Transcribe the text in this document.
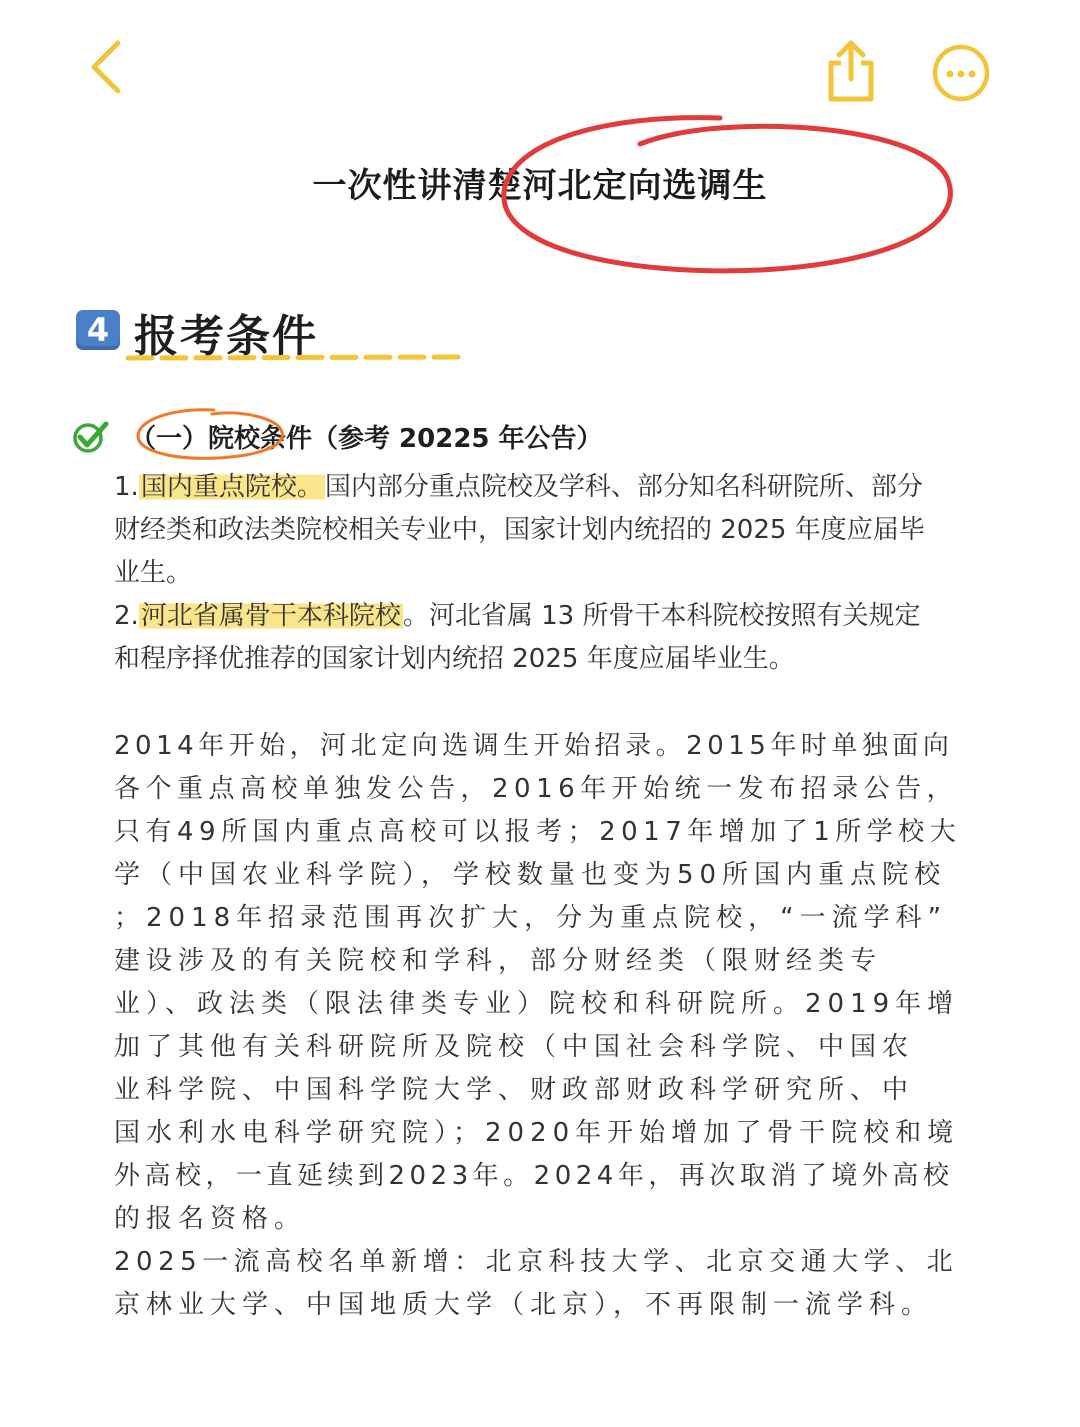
一次性讲清楚河北定向选调生
4 报考条件
（一）院校条件（参考 20225 年公告）
1.国内重点院校。国内部分重点院校及学科、部分知名科研院所、部分
财经类和政法类院校相关专业中，国家计划内统招的 2025 年度应届毕
业生。
2.河北省属骨干本科院校。河北省属 13 所骨干本科院校按照有关规定
和程序择优推荐的国家计划内统招 2025 年度应届毕业生。
2014年开始，河北定向选调生开始招录。2015年时单独面向
各个重点高校单独发公告，2016年开始统一发布招录公告，
只有49所国内重点高校可以报考；2017年增加了1所学校大
学（中国农业科学院），学校数量也变为50所国内重点院校
；2018年招录范围再次扩大，分为重点院校，“一流学科”
建设涉及的有关院校和学科，部分财经类（限财经类专
业）、政法类（限法律类专业）院校和科研院所。2019年增
加了其他有关科研院所及院校（中国社会科学院、中国农
业科学院、中国科学院大学、财政部财政科学研究所、中
国水利水电科学研究院）；2020年开始增加了骨干院校和境
外高校，一直延续到2023年。2024年，再次取消了境外高校
的报名资格。
2025一流高校名单新增：北京科技大学、北京交通大学、北
京林业大学、中国地质大学（北京），不再限制一流学科。
